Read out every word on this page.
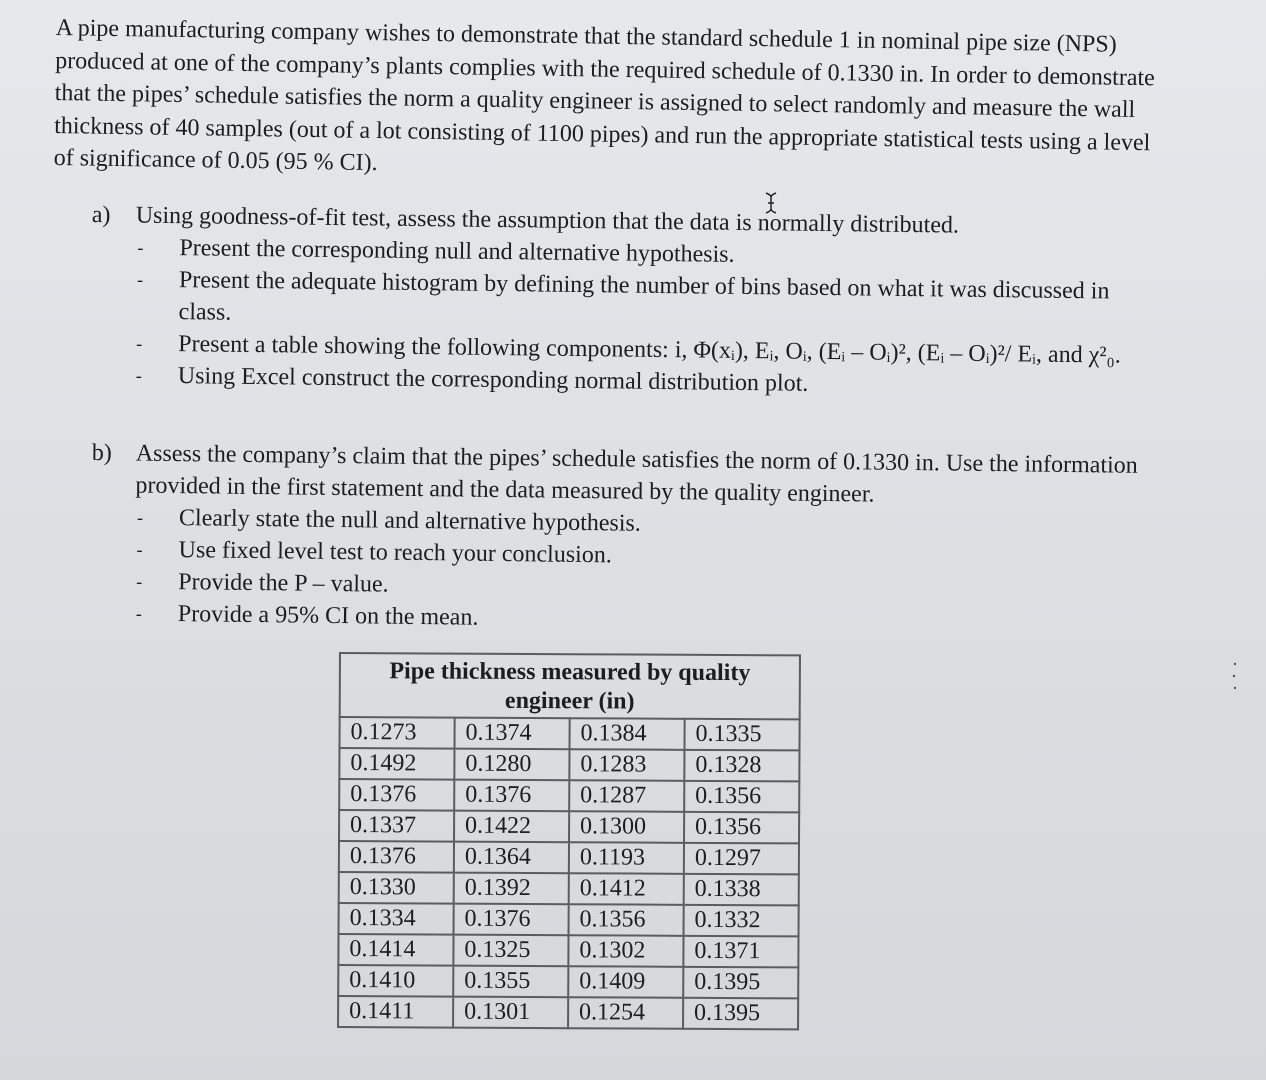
A pipe manufacturing company wishes to demonstrate that the standard schedule 1 in nominal pipe size (NPS) produced at one of the company’s plants complies with the required schedule of 0.1330 in. In order to demonstrate that the pipes’ schedule satisfies the norm a quality engineer is assigned to select randomly and measure the wall thickness of 40 samples (out of a lot consisting of 1100 pipes) and run the appropriate statistical tests using a level of significance of 0.05 (95 % CI).

a)	Using goodness-of-fit test, assess the assumption that the data is normally distributed.
-	Present the corresponding null and alternative hypothesis.
-	Present the adequate histogram by defining the number of bins based on what it was discussed in class.
-	Present a table showing the following components: i, Φ(xᵢ), Eᵢ, Oᵢ, (Eᵢ – Oᵢ)², (Eᵢ – Oᵢ)²/ Eᵢ, and χ²₀.
-	Using Excel construct the corresponding normal distribution plot.
b) Assess the company’s claim that the pipes’ schedule satisfies the norm of 0.1330 in. Use the information provided in the first statement and the data measured by the quality engineer.
-	Clearly state the null and alternative hypothesis.
-	Use fixed level test to reach your conclusion.
-	Provide the P – value.
-	Provide a 95% CI on the mean.
Pipe thickness measured by quality engineer (in)			
0.1273	0.1374	0.1384	0.1335
0.1492	0.1280	0.1283	0.1328
0.1376	0.1376	0.1287	0.1356
0.1337	0.1422	0.1300	0.1356
0.1376	0.1364	0.1193	0.1297
0.1330	0.1392	0.1412	0.1338
0.1334	0.1376	0.1356	0.1332
0.1414	0.1325	0.1302	0.1371
0.1410	0.1355	0.1409	0.1395
0.1411	0.1301	0.1254	0.1395
